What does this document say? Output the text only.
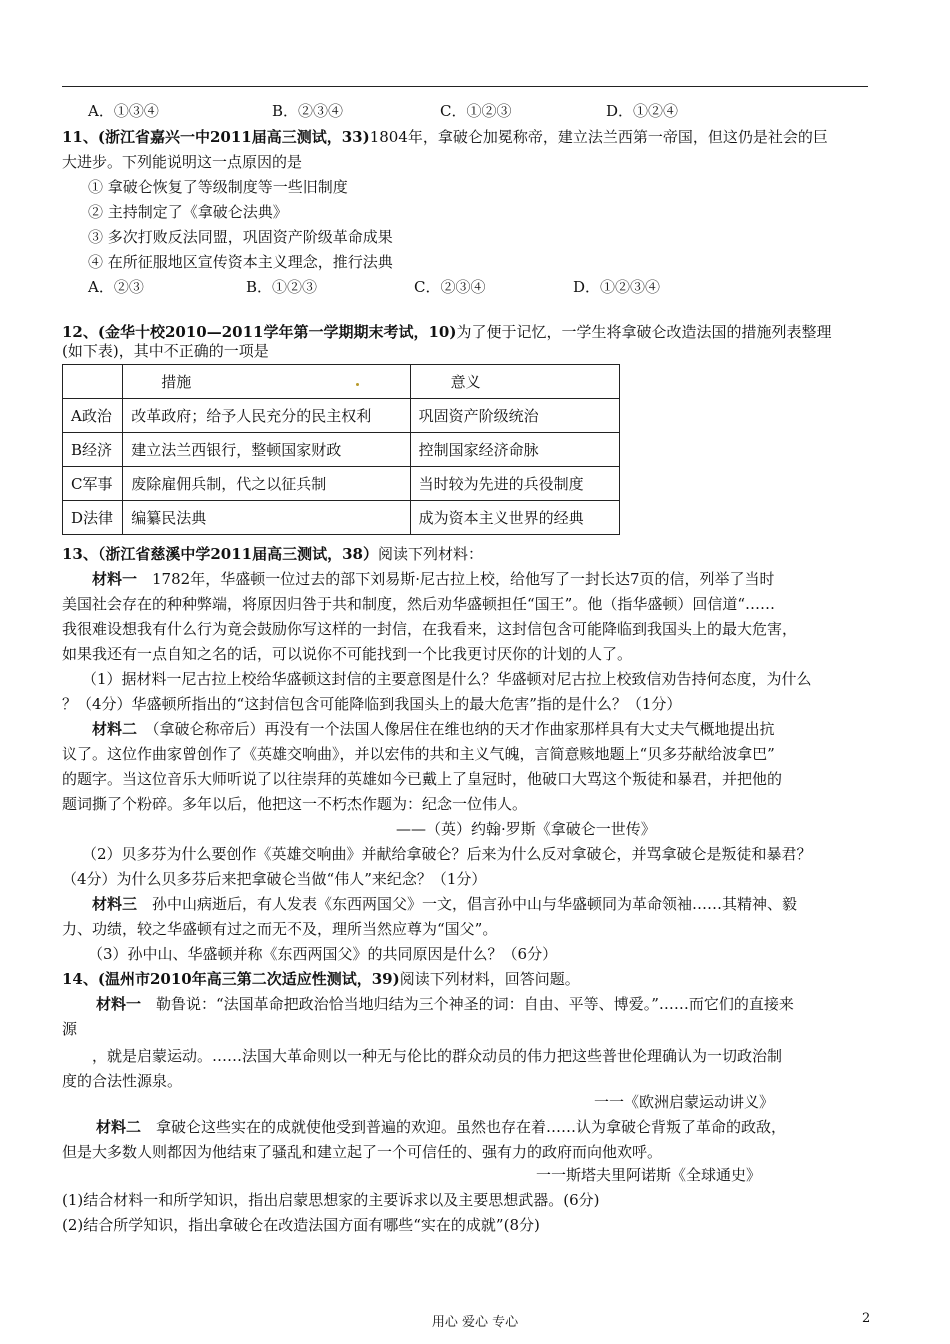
A．①③④	B．②③④	C．①②③	D．①②④
11、(浙江省嘉兴一中2011届高三测试，33)1804年，拿破仑加冕称帝，建立法兰西第一帝国，但这仍是社会的巨
大进步。下列能说明这一点原因的是
① 拿破仑恢复了等级制度等一些旧制度
② 主持制定了《拿破仑法典》
③ 多次打败反法同盟，巩固资产阶级革命成果
④ 在所征服地区宣传资本主义理念，推行法典
A．②③	B．①②③	C．②③④	D．①②③④
12、(金华十校2010—2011学年第一学期期末考试，10)为了便于记忆，一学生将拿破仑改造法国的措施列表整理
(如下表)，其中不正确的一项是
	措施	意义
A政治	改革政府；给予人民充分的民主权利	巩固资产阶级统治
B经济	建立法兰西银行，整顿国家财政	控制国家经济命脉
C军事	废除雇佣兵制，代之以征兵制	当时较为先进的兵役制度
D法律	编纂民法典	成为资本主义世界的经典
13、（浙江省慈溪中学2011届高三测试，38）阅读下列材料：
材料一　1782年，华盛顿一位过去的部下刘易斯·尼古拉上校，给他写了一封长达7页的信，列举了当时
美国社会存在的种种弊端，将原因归咎于共和制度，然后劝华盛顿担任“国王”。他（指华盛顿）回信道“……
我很难设想我有什么行为竟会鼓励你写这样的一封信，在我看来，这封信包含可能降临到我国头上的最大危害，
如果我还有一点自知之名的话，可以说你不可能找到一个比我更讨厌你的计划的人了。
（1）据材料一尼古拉上校给华盛顿这封信的主要意图是什么？华盛顿对尼古拉上校致信劝告持何态度，为什么
？（4分）华盛顿所指出的“这封信包含可能降临到我国头上的最大危害”指的是什么？（1分）
材料二　（拿破仑称帝后）再没有一个法国人像居住在维也纳的天才作曲家那样具有大丈夫气概地提出抗
议了。这位作曲家曾创作了《英雄交响曲》，并以宏伟的共和主义气魄，言简意赅地题上“贝多芬献给波拿巴”
的题字。当这位音乐大师听说了以往崇拜的英雄如今已戴上了皇冠时，他破口大骂这个叛徒和暴君，并把他的
题词撕了个粉碎。多年以后，他把这一不朽杰作题为：纪念一位伟人。
——（英）约翰·罗斯《拿破仑一世传》
（2）贝多芬为什么要创作《英雄交响曲》并献给拿破仑？后来为什么反对拿破仑，并骂拿破仑是叛徒和暴君？
（4分）为什么贝多芬后来把拿破仑当做“伟人”来纪念？（1分）
材料三　孙中山病逝后，有人发表《东西两国父》一文，倡言孙中山与华盛顿同为革命领袖……其精神、毅
力、功绩，较之华盛顿有过之而无不及，理所当然应尊为“国父”。
（3）孙中山、华盛顿并称《东西两国父》的共同原因是什么？（6分）
14、(温州市2010年高三第二次适应性测试，39)阅读下列材料，回答问题。
材料一　勒鲁说：“法国革命把政治恰当地归结为三个神圣的词：自由、平等、博爱。”……而它们的直接来
源
，就是启蒙运动。……法国大革命则以一种无与伦比的群众动员的伟力把这些普世伦理确认为一切政治制
度的合法性源泉。
一一《欧洲启蒙运动讲义》
材料二　拿破仑这些实在的成就使他受到普遍的欢迎。虽然也存在着……认为拿破仑背叛了革命的政敌，
但是大多数人则都因为他结束了骚乱和建立起了一个可信任的、强有力的政府而向他欢呼。
一一斯塔夫里阿诺斯《全球通史》
(1)结合材料一和所学知识，指出启蒙思想家的主要诉求以及主要思想武器。(6分)
(2)结合所学知识，指出拿破仑在改造法国方面有哪些“实在的成就”(8分)
用心 爱心 专心	2
